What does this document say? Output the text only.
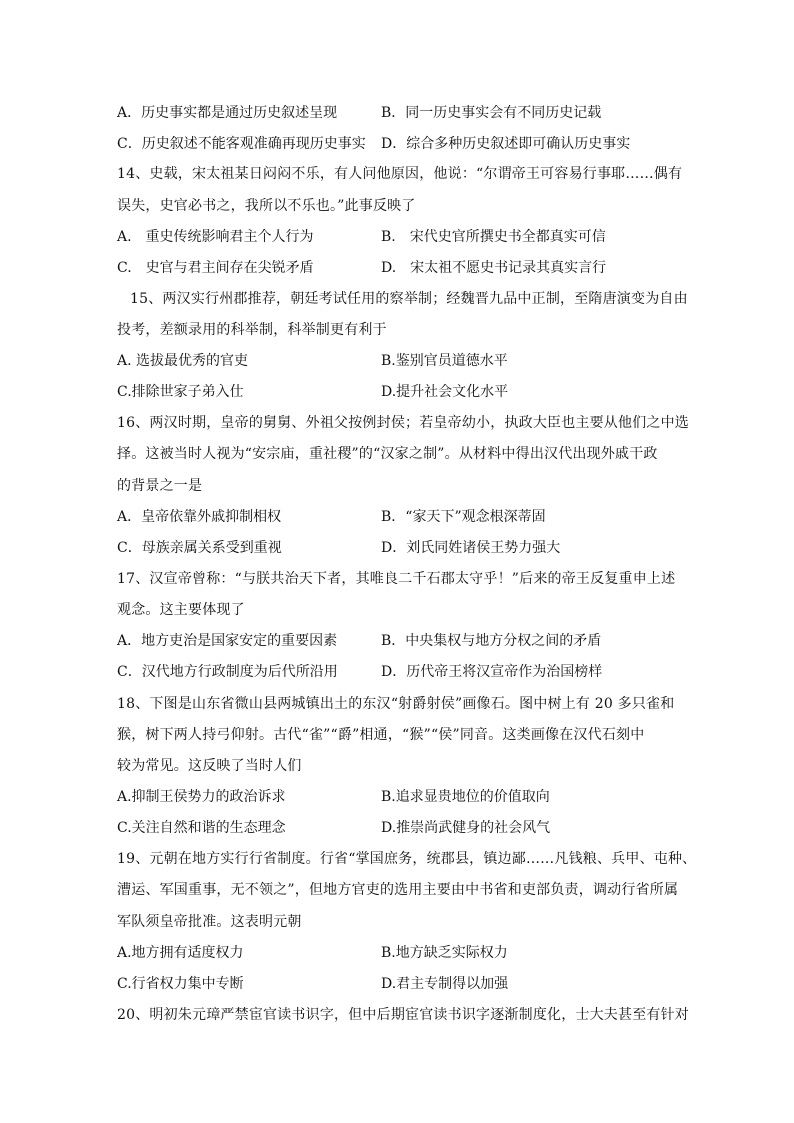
A．历史事实都是通过历史叙述呈现	B．同一历史事实会有不同历史记载
C．历史叙述不能客观准确再现历史事实 D．综合多种历史叙述即可确认历史事实
14、史载，宋太祖某日闷闷不乐，有人问他原因，他说：“尔谓帝王可容易行事耶……偶有
误失，史官必书之，我所以不乐也。”此事反映了
A.　重史传统影响君主个人行为	B.　宋代史官所撰史书全都真实可信
C.　史官与君主间存在尖锐矛盾	D.　宋太祖不愿史书记录其真实言行
15、两汉实行州郡推荐，朝廷考试任用的察举制；经魏晋九品中正制，至隋唐演变为自由
投考，差额录用的科举制，科举制更有利于
A. 选拔最优秀的官吏	B.鉴别官员道德水平
C.排除世家子弟入仕	D.提升社会文化水平
16、两汉时期，皇帝的舅舅、外祖父按例封侯；若皇帝幼小，执政大臣也主要从他们之中选
择。这被当时人视为“安宗庙，重社稷”的“汉家之制”。从材料中得出汉代出现外戚干政
的背景之一是
A．皇帝依靠外戚抑制相权	B．“家天下”观念根深蒂固
C．母族亲属关系受到重视	D．刘氏同姓诸侯王势力强大
17、汉宣帝曾称：“与朕共治天下者，其唯良二千石郡太守乎！”后来的帝王反复重申上述
观念。这主要体现了
A．地方吏治是国家安定的重要因素	B．中央集权与地方分权之间的矛盾
C．汉代地方行政制度为后代所沿用	D．历代帝王将汉宣帝作为治国榜样
18、下图是山东省微山县两城镇出土的东汉“射爵射侯”画像石。图中树上有 20 多只雀和
猴，树下两人持弓仰射。古代“雀”“爵”相通，“猴”“侯”同音。这类画像在汉代石刻中
较为常见。这反映了当时人们
A.抑制王侯势力的政治诉求	B.追求显贵地位的价值取向
C.关注自然和谐的生态理念	D.推崇尚武健身的社会风气
19、元朝在地方实行行省制度。行省“掌国庶务，统郡县，镇边鄙……凡钱粮、兵甲、屯种、
漕运、军国重事，无不领之”，但地方官吏的选用主要由中书省和吏部负责，调动行省所属
军队须皇帝批准。这表明元朝
A.地方拥有适度权力	B.地方缺乏实际权力
C.行省权力集中专断	D.君主专制得以加强
20、明初朱元璋严禁宦官读书识字，但中后期宦官读书识字逐渐制度化，士大夫甚至有针对
